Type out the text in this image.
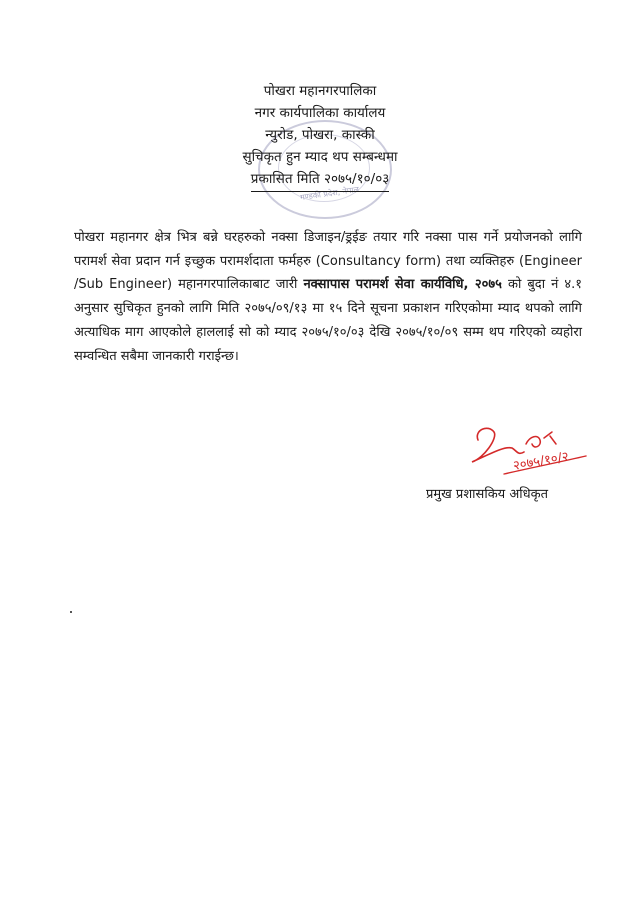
गण्डकी प्रदेश, नेपाल
पोखरा महानगरपालिका
नगर कार्यपालिका कार्यालय
न्युरोड, पोखरा, कास्की
सुचिकृत हुन म्याद थप सम्बन्धमा
प्रकासित मिति २०७५/१०/०३

पोखरा महानगर क्षेत्र भित्र बन्ने घरहरुको नक्सा डिजाइन/ड्रईङ तयार गरि नक्सा पास गर्ने प्रयोजनको लागि परामर्श सेवा प्रदान गर्न इच्छुक परामर्शदाता फर्महरु (Consultancy form) तथा व्यक्तिहरु (Engineer /Sub Engineer) महानगरपालिकाबाट जारी नक्सापास परामर्श सेवा कार्यविधि, २०७५ को बुदा नं ४.१ अनुसार सुचिकृत हुनको लागि मिति २०७५/०९/१३ मा १५ दिने सूचना प्रकाशन गरिएकोमा म्याद थपको लागि अत्याधिक माग आएकोले हाललाई सो को म्याद २०७५/१०/०३ देखि २०७५/१०/०९ सम्म थप गरिएको व्यहोरा सम्वन्धित सबैमा जानकारी गराईन्छ।

२०७५/१०/२
प्रमुख प्रशासकिय अधिकृत
